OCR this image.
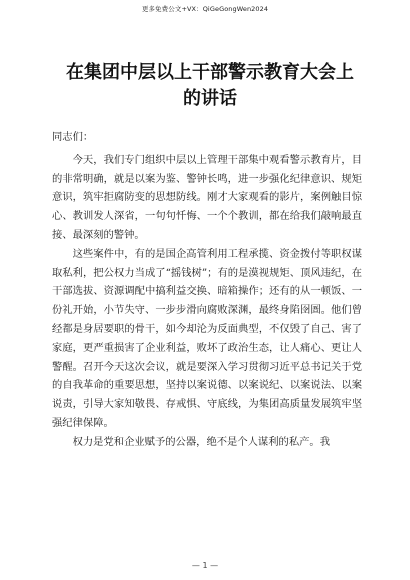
更多免费公文+VX：QiGeGongWen2024
在集团中层以上干部警示教育大会上的讲话

同志们：

今天，我们专门组织中层以上管理干部集中观看警示教育片，目的非常明确，就是以案为鉴、警钟长鸣，进一步强化纪律意识、规矩意识，筑牢拒腐防变的思想防线。刚才大家观看的影片，案例触目惊心、教训发人深省，一句句忏悔、一个个教训，都在给我们敲响最直接、最深刻的警钟。

这些案件中，有的是国企高管利用工程承揽、资金拨付等职权谋取私利，把公权力当成了“摇钱树”；有的是漠视规矩、顶风违纪，在干部选拔、资源调配中搞利益交换、暗箱操作；还有的从一顿饭、一份礼开始，小节失守、一步步滑向腐败深渊，最终身陷囹圄。他们曾经都是身居要职的骨干，如今却沦为反面典型，不仅毁了自己、害了家庭，更严重损害了企业利益，败坏了政治生态，让人痛心、更让人警醒。召开今天这次会议，就是要深入学习贯彻习近平总书记关于党的自我革命的重要思想，坚持以案说德、以案说纪、以案说法、以案说责，引导大家知敬畏、存戒惧、守底线，为集团高质量发展筑牢坚强纪律保障。

权力是党和企业赋予的公器，绝不是个人谋利的私产。我

— 1 —
